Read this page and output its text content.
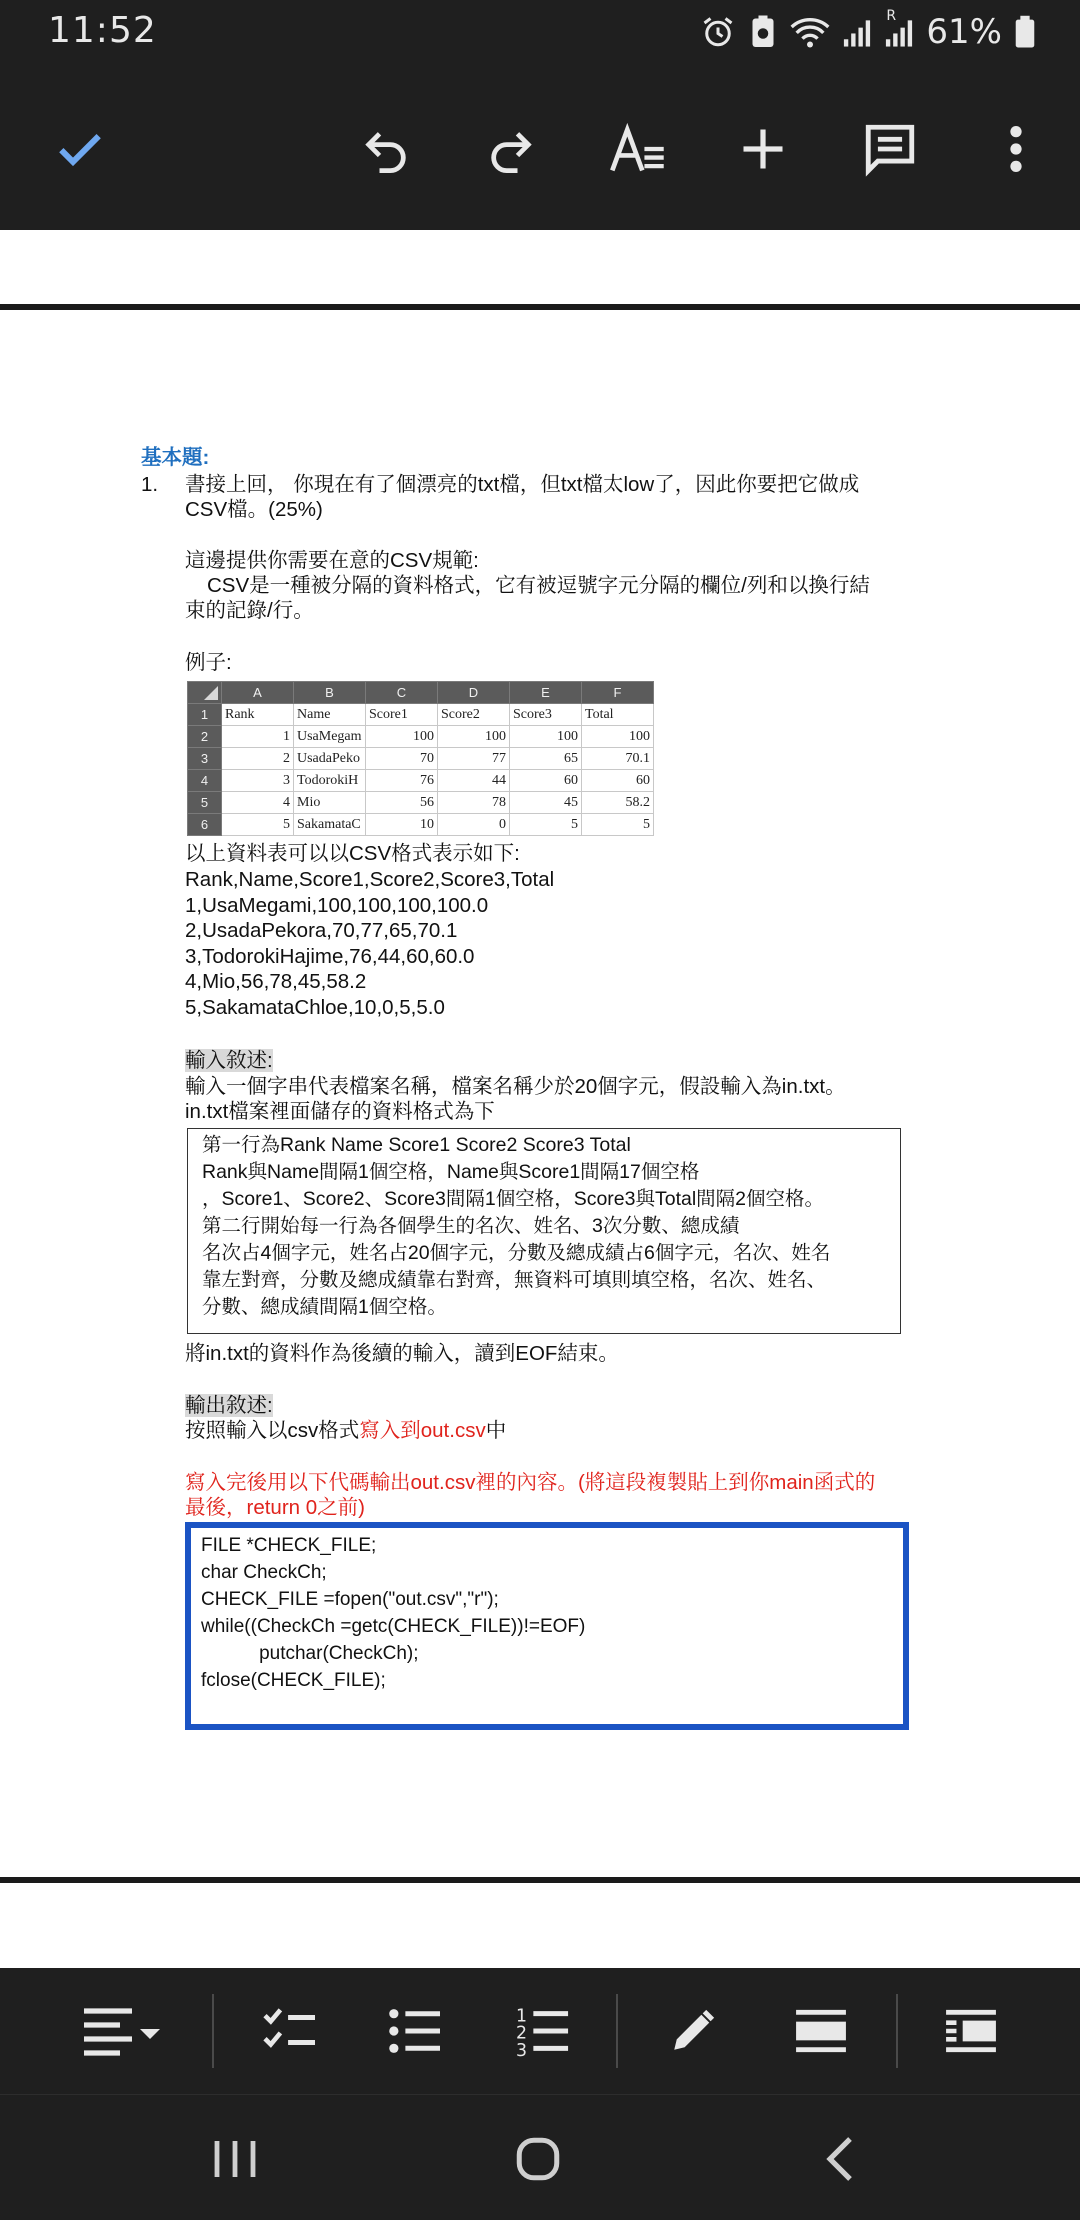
11:52	R 61%
基本題:
1. 書接上回， 你現在有了個漂亮的txt檔，但txt檔太low了，因此你要把它做成
CSV檔。(25%)
這邊提供你需要在意的CSV規範:
CSV是一種被分隔的資料格式，它有被逗號字元分隔的欄位/列和以換行結
束的記錄/行。
例子:
	A	B	C	D	E	F
1	Rank	Name	Score1	Score2	Score3	Total
2	1	UsaMegam	100	100	100	100
3	2	UsadaPeko	70	77	65	70.1
4	3	TodorokiH	76	44	60	60
5	4	Mio	56	78	45	58.2
6	5	SakamataC	10	0	5	5
以上資料表可以以CSV格式表示如下:
Rank,Name,Score1,Score2,Score3,Total
1,UsaMegami,100,100,100,100.0
2,UsadaPekora,70,77,65,70.1
3,TodorokiHajime,76,44,60,60.0
4,Mio,56,78,45,58.2
5,SakamataChloe,10,0,5,5.0
輸入敘述:
輸入一個字串代表檔案名稱，檔案名稱少於20個字元，假設輸入為in.txt。
in.txt檔案裡面儲存的資料格式為下
第一行為Rank Name Score1 Score2 Score3 Total
Rank與Name間隔1個空格，Name與Score1間隔17個空格
，Score1、Score2、Score3間隔1個空格，Score3與Total間隔2個空格。
第二行開始每一行為各個學生的名次、姓名、3次分數、總成績
名次占4個字元，姓名占20個字元，分數及總成績占6個字元，名次、姓名
靠左對齊，分數及總成績靠右對齊，無資料可填則填空格，名次、姓名、
分數、總成績間隔1個空格。
將in.txt的資料作為後續的輸入，讀到EOF結束。
輸出敘述:
按照輸入以csv格式寫入到out.csv中
寫入完後用以下代碼輸出out.csv裡的內容。(將這段複製貼上到你main函式的
最後，return 0之前)
FILE *CHECK_FILE;
char CheckCh;
CHECK_FILE =fopen("out.csv","r");
while((CheckCh =getc(CHECK_FILE))!=EOF)
putchar(CheckCh);
fclose(CHECK_FILE);
1
2
3
